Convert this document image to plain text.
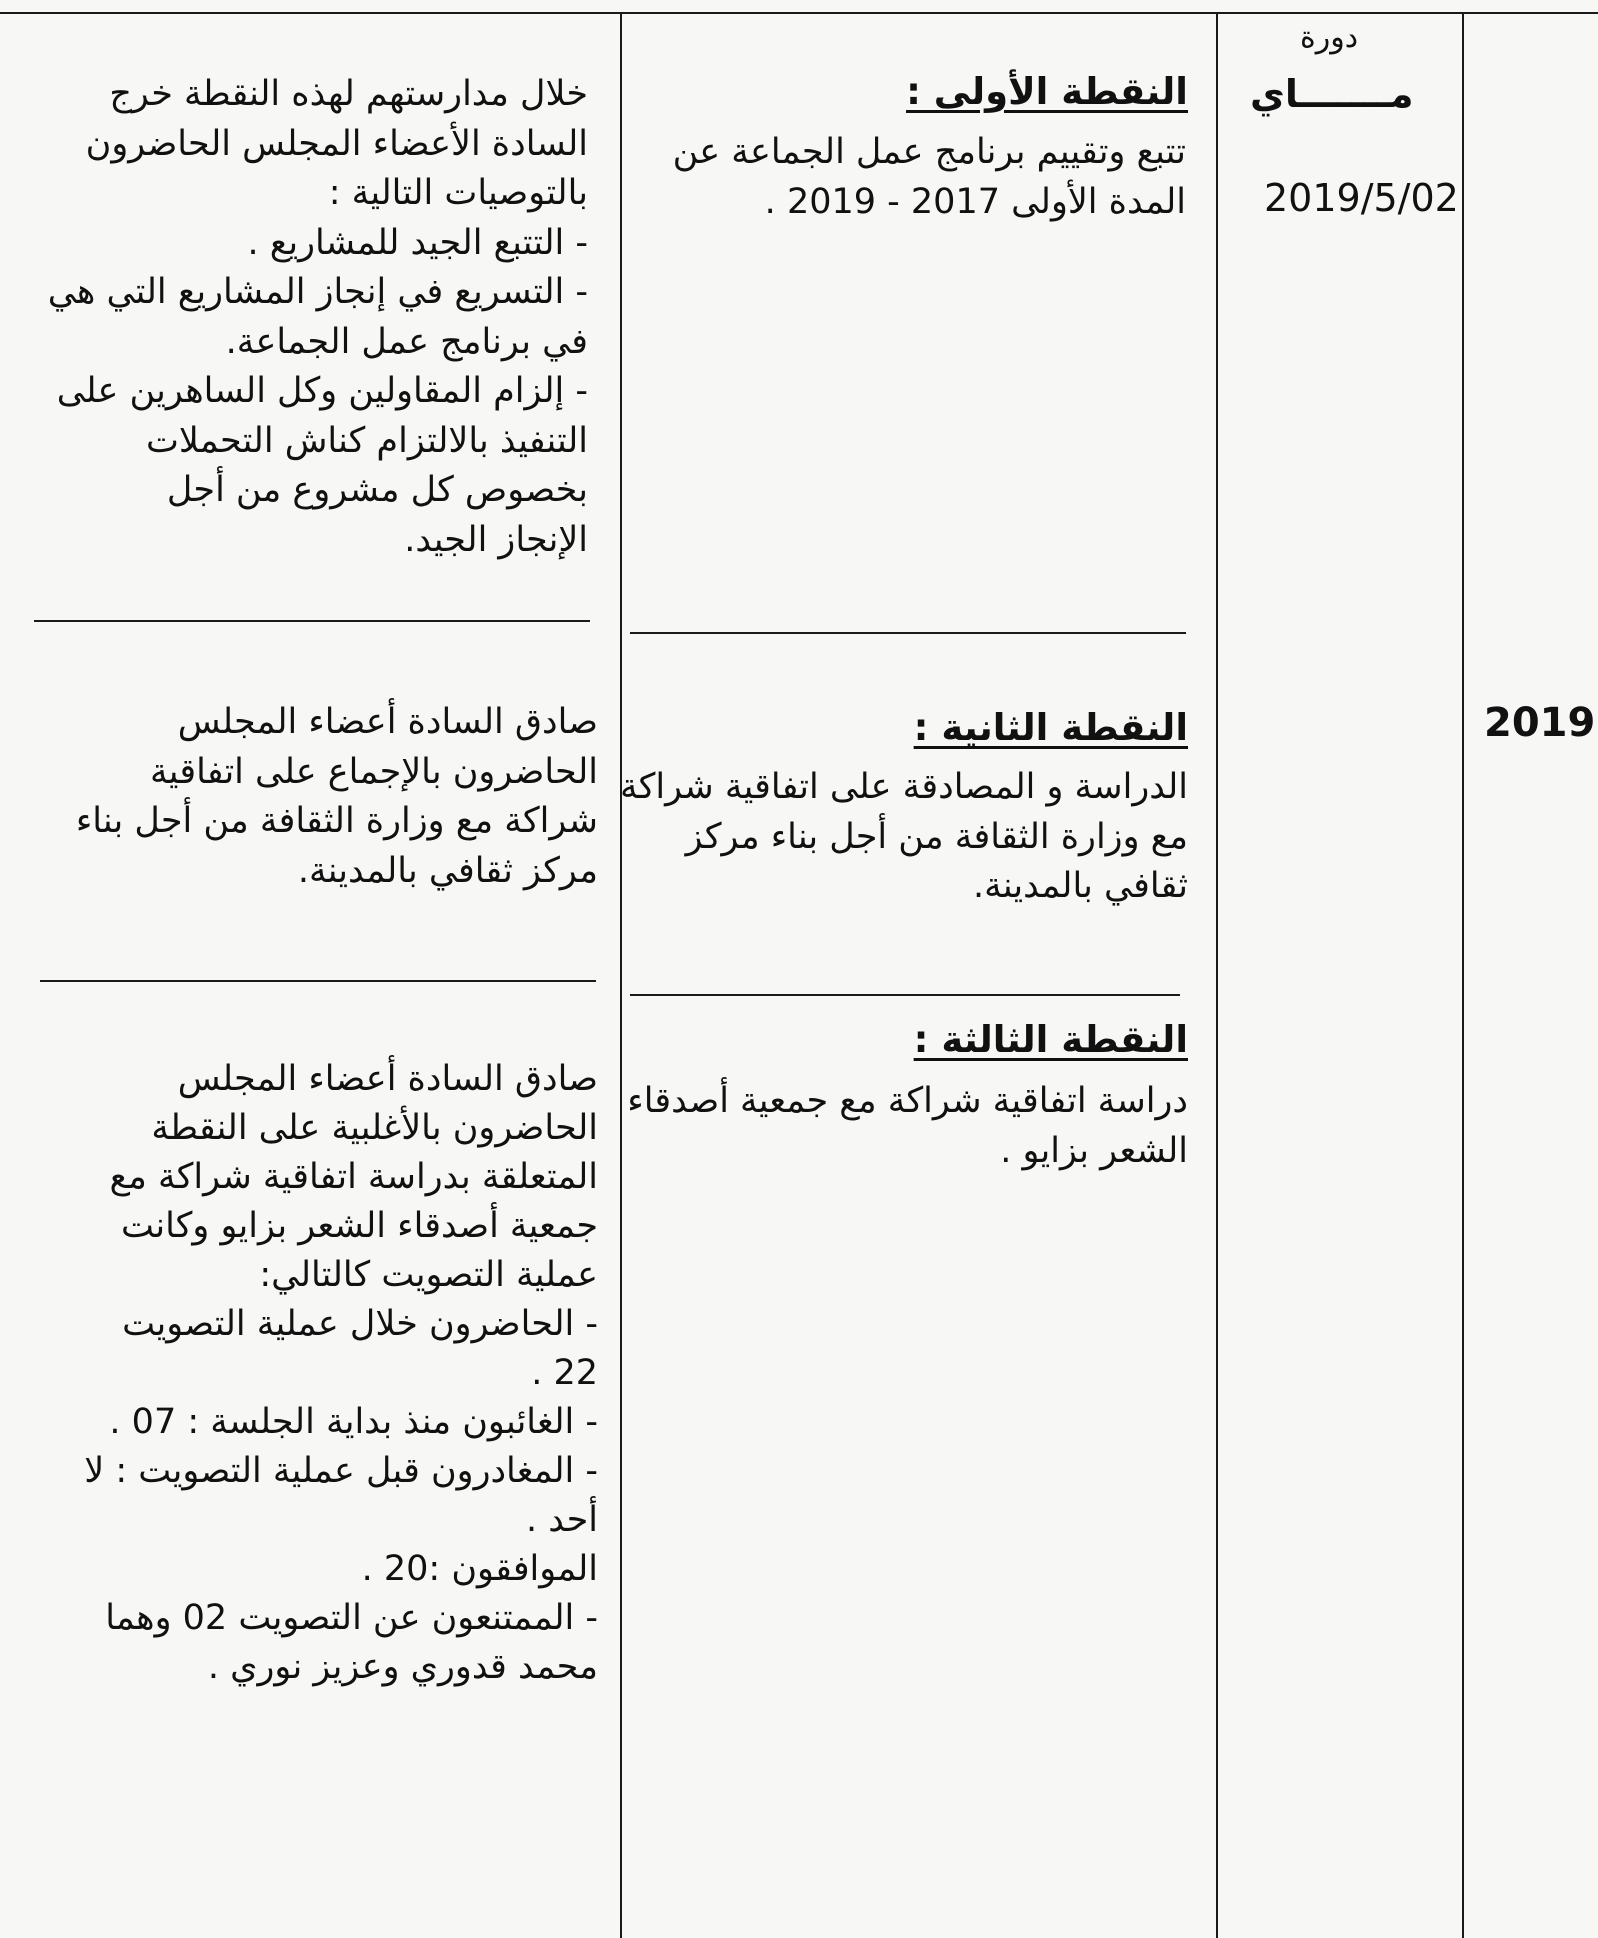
2019
دورة
مـــــــاي
2019/5/02
النقطة الأولى :
تتبع وتقييم برنامج عمل الجماعة عن
المدة الأولى 2017 - 2019 .
النقطة الثانية :
الدراسة و المصادقة على اتفاقية شراكة
مع وزارة الثقافة من أجل بناء مركز
ثقافي بالمدينة.
النقطة الثالثة :
دراسة اتفاقية شراكة مع جمعية أصدقاء
الشعر بزايو .
خلال مدارستهم لهذه النقطة خرج
السادة الأعضاء المجلس الحاضرون
بالتوصيات التالية :
- التتبع الجيد للمشاريع .
- التسريع في إنجاز المشاريع التي هي
في برنامج عمل الجماعة.
- إلزام المقاولين وكل الساهرين على
التنفيذ بالالتزام كناش التحملات
بخصوص كل مشروع من أجل
الإنجاز الجيد.
صادق السادة أعضاء المجلس
الحاضرون بالإجماع على اتفاقية
شراكة مع وزارة الثقافة من أجل بناء
مركز ثقافي بالمدينة.
صادق السادة أعضاء المجلس
الحاضرون بالأغلبية على النقطة
المتعلقة بدراسة اتفاقية شراكة مع
جمعية أصدقاء الشعر بزايو وكانت
عملية التصويت كالتالي:
- الحاضرون خلال عملية التصويت
22 .
- الغائبون منذ بداية الجلسة : 07 .
- المغادرون قبل عملية التصويت : لا
أحد .
الموافقون :20 .
- الممتنعون عن التصويت 02 وهما
محمد قدوري وعزيز نوري .
